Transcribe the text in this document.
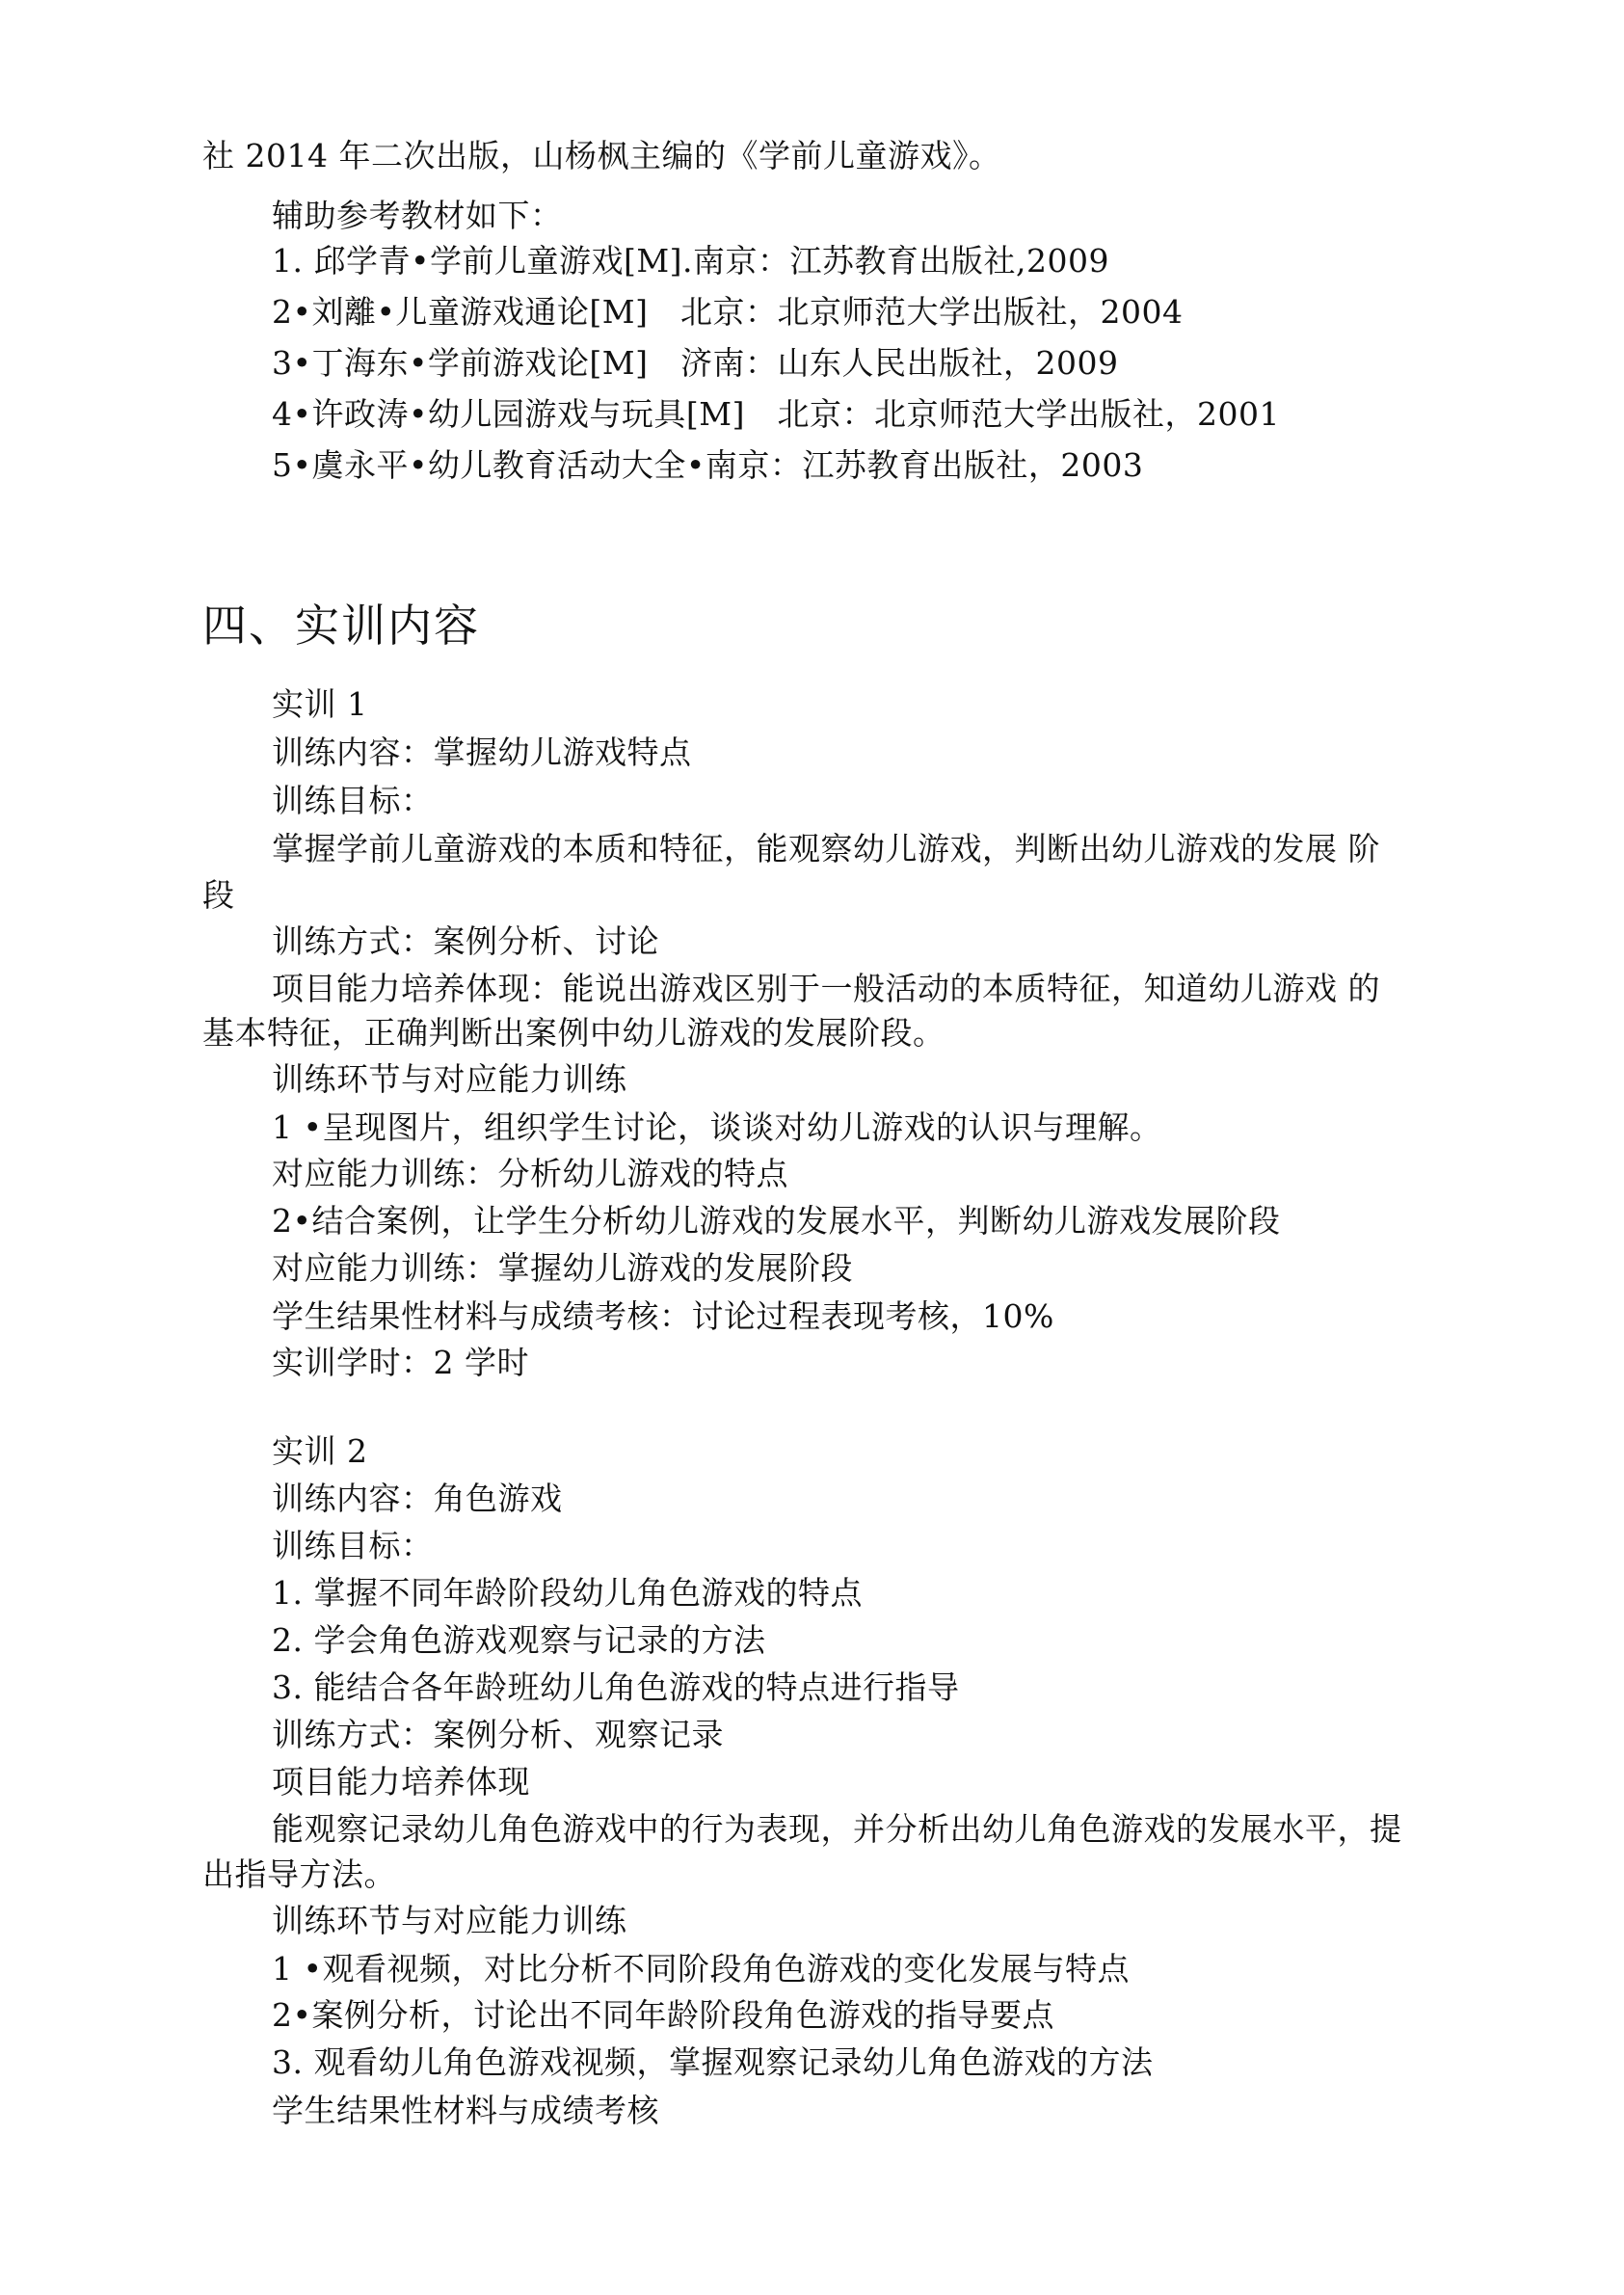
社 2014 年二次出版，山杨枫主编的《学前儿童游戏》。
辅助参考教材如下：
1. 邱学青•学前儿童游戏[M].南京：江苏教育出版社,2009
2•刘離•儿童游戏通论[M]　北京：北京师范大学出版社，2004
3•丁海东•学前游戏论[M]　济南：山东人民出版社，2009
4•许政涛•幼儿园游戏与玩具[M]　北京：北京师范大学出版社，2001
5•虞永平•幼儿教育活动大全•南京：江苏教育出版社，2003
四、实训内容
实训 1
训练内容：掌握幼儿游戏特点
训练目标：
掌握学前儿童游戏的本质和特征，能观察幼儿游戏，判断出幼儿游戏的发展 阶
段
训练方式：案例分析、讨论
项目能力培养体现：能说出游戏区别于一般活动的本质特征，知道幼儿游戏 的
基本特征，正确判断出案例中幼儿游戏的发展阶段。
训练环节与对应能力训练
1 •呈现图片，组织学生讨论，谈谈对幼儿游戏的认识与理解。
对应能力训练：分析幼儿游戏的特点
2•结合案例，让学生分析幼儿游戏的发展水平，判断幼儿游戏发展阶段
对应能力训练：掌握幼儿游戏的发展阶段
学生结果性材料与成绩考核：讨论过程表现考核，10%
实训学时：2 学时
实训 2
训练内容：角色游戏
训练目标：
1. 掌握不同年龄阶段幼儿角色游戏的特点
2. 学会角色游戏观察与记录的方法
3. 能结合各年龄班幼儿角色游戏的特点进行指导
训练方式：案例分析、观察记录
项目能力培养体现
能观察记录幼儿角色游戏中的行为表现，并分析出幼儿角色游戏的发展水平，提
出指导方法。
训练环节与对应能力训练
1 •观看视频，对比分析不同阶段角色游戏的变化发展与特点
2•案例分析，讨论出不同年龄阶段角色游戏的指导要点
3. 观看幼儿角色游戏视频，掌握观察记录幼儿角色游戏的方法
学生结果性材料与成绩考核
